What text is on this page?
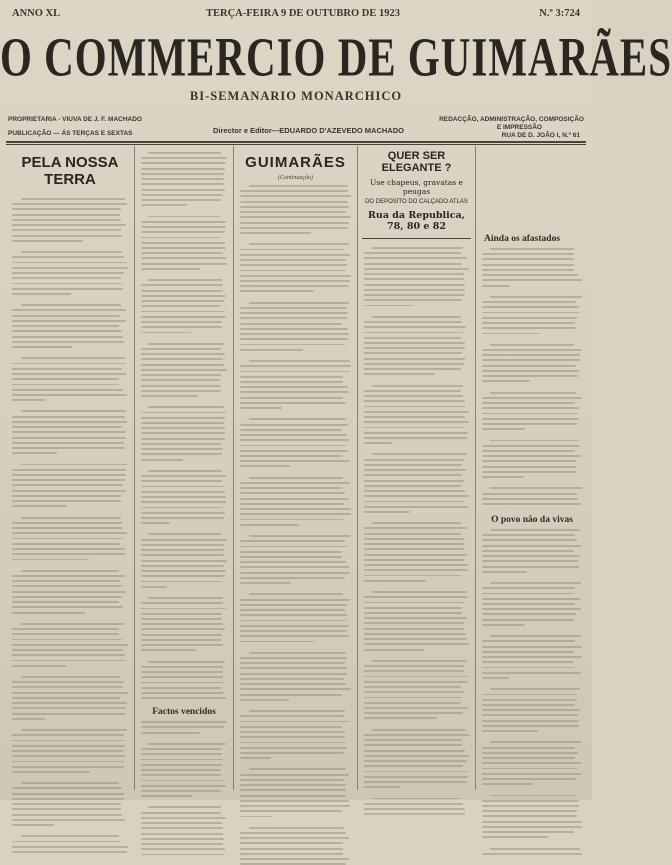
ANNO XL	TERÇA-FEIRA 9 DE OUTUBRO DE 1923	N.º 3:724
O COMMERCIO DE GUIMARÃES
BI-SEMANARIO MONARCHICO
PROPRIETARIA - VIUVA DE J. F. MACHADO
PUBLICAÇÃO — ÁS TERÇAS E SEXTAS	Director e Editor—EDUARDO D'AZEVEDO MACHADO
REDACÇÃO, ADMINISTRAÇÃO, COMPOSIÇÃO
E IMPRESSÃO
RUA DE D. JOÃO I, N.º 61
PELA NOSSA TERRA
Factos vencidos
GUIMARÃES
(Continuação)
QUER SER ELEGANTE ?
Use chapeus, gravatas e peugas
DO DEPOSITO DO CALÇADO ATLAS
Rua da Republica, 78, 80 e 82
Ainda os afastados
O povo não da vivas
